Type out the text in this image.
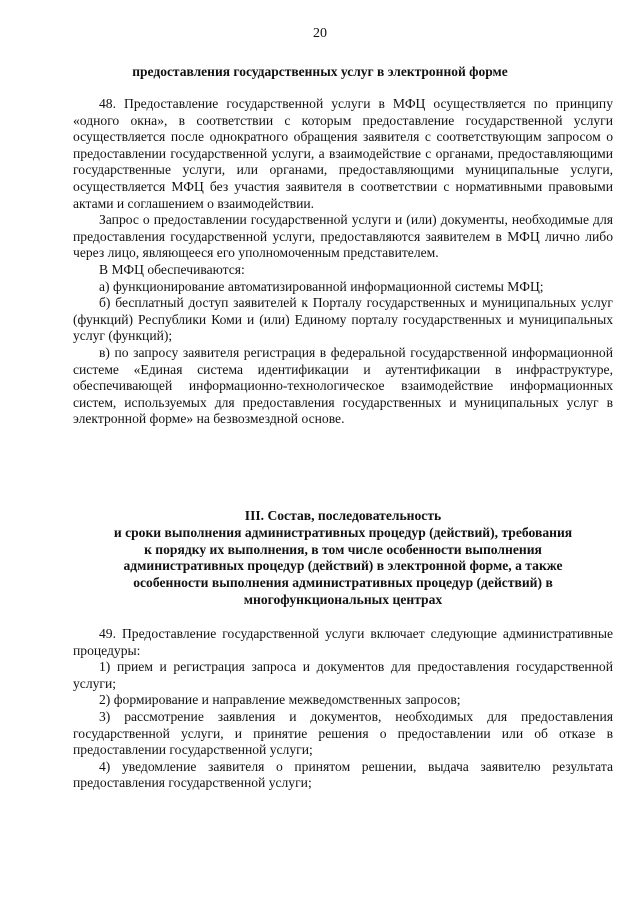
20
предоставления государственных услуг в электронной форме

48. Предоставление государственной услуги в МФЦ осуществляется по принципу «одного окна», в соответствии с которым предоставление государственной услуги осуществляется после однократного обращения заявителя с соответствующим запросом о предоставлении государственной услуги, а взаимодействие с органами, предоставляющими государственные услуги, или органами, предоставляющими муниципальные услуги, осуществляется МФЦ без участия заявителя в соответствии с нормативными правовыми актами и соглашением о взаимодействии.

Запрос о предоставлении государственной услуги и (или) документы, необходимые для предоставления государственной услуги, предоставляются заявителем в МФЦ лично либо через лицо, являющееся его уполномоченным представителем.

В МФЦ обеспечиваются:

а) функционирование автоматизированной информационной системы МФЦ;

б) бесплатный доступ заявителей к Порталу государственных и муниципальных услуг (функций) Республики Коми и (или) Единому порталу государственных и муниципальных услуг (функций);

в) по запросу заявителя регистрация в федеральной государственной информационной системе «Единая система идентификации и аутентификации в инфраструктуре, обеспечивающей информационно-технологическое взаимодействие информационных систем, используемых для предоставления государственных и муниципальных услуг в электронной форме» на безвозмездной основе.

III. Состав, последовательность
и сроки выполнения административных процедур (действий), требования
к порядку их выполнения, в том числе особенности выполнения
административных процедур (действий) в электронной форме, а также
особенности выполнения административных процедур (действий) в
многофункциональных центрах

49. Предоставление государственной услуги включает следующие административные процедуры:

1) прием и регистрация запроса и документов для предоставления государственной услуги;

2) формирование и направление межведомственных запросов;

3) рассмотрение заявления и документов, необходимых для предоставления государственной услуги, и принятие решения о предоставлении или об отказе в предоставлении государственной услуги;

4) уведомление заявителя о принятом решении, выдача заявителю результата предоставления государственной услуги;
